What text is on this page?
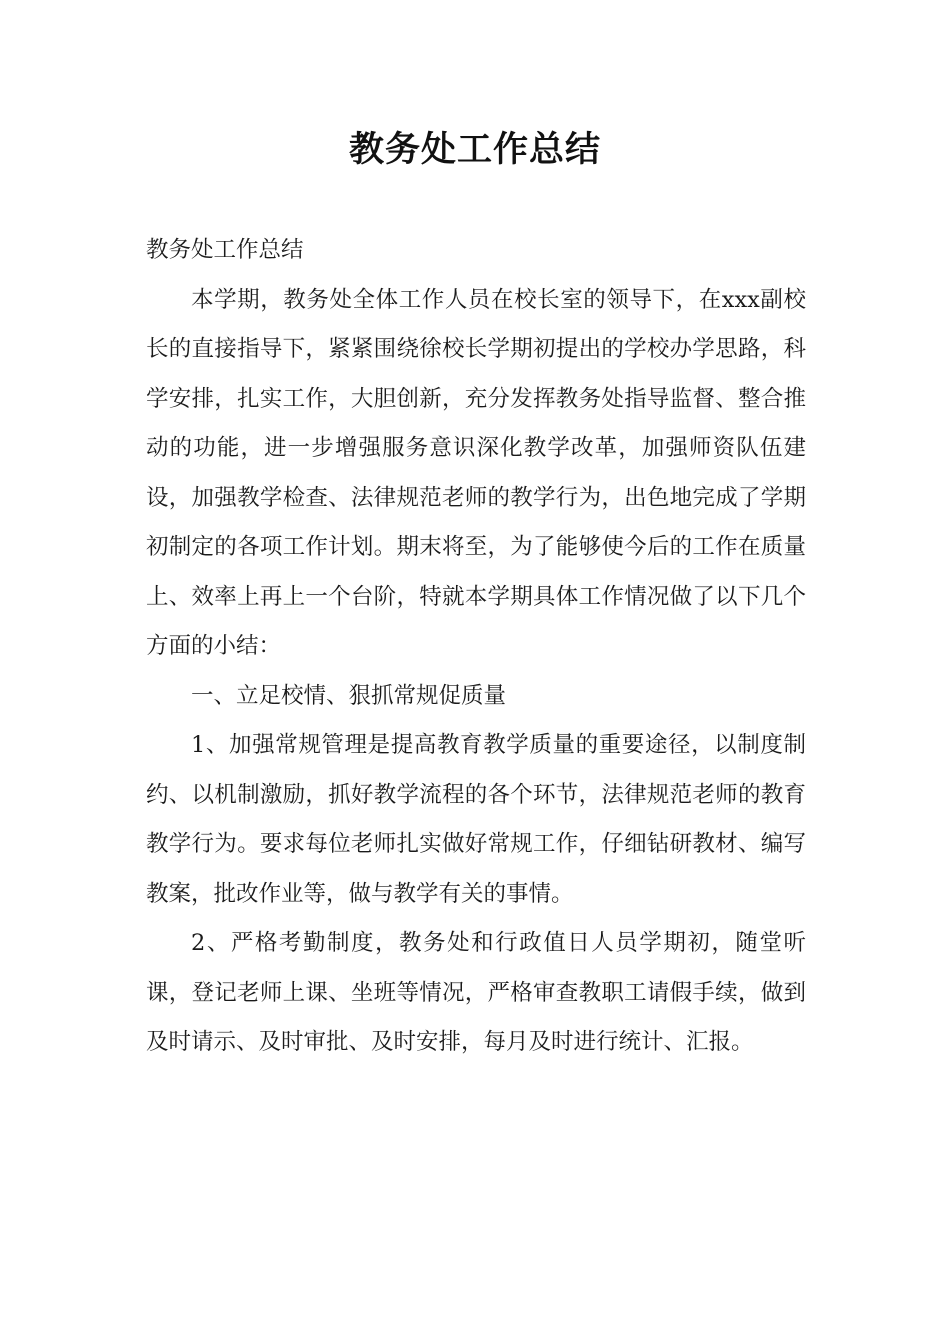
教务处工作总结

教务处工作总结

本学期，教务处全体工作人员在校长室的领导下，在xxx副校长的直接指导下，紧紧围绕徐校长学期初提出的学校办学思路，科学安排，扎实工作，大胆创新，充分发挥教务处指导监督、整合推动的功能，进一步增强服务意识深化教学改革，加强师资队伍建设，加强教学检查、法律规范老师的教学行为，出色地完成了学期初制定的各项工作计划。期末将至，为了能够使今后的工作在质量上、效率上再上一个台阶，特就本学期具体工作情况做了以下几个方面的小结：

一、立足校情、狠抓常规促质量

1、加强常规管理是提高教育教学质量的重要途径，以制度制约、以机制激励，抓好教学流程的各个环节，法律规范老师的教育教学行为。要求每位老师扎实做好常规工作，仔细钻研教材、编写教案，批改作业等，做与教学有关的事情。

2、严格考勤制度，教务处和行政值日人员学期初，随堂听课，登记老师上课、坐班等情况，严格审查教职工请假手续，做到及时请示、及时审批、及时安排，每月及时进行统计、汇报。
